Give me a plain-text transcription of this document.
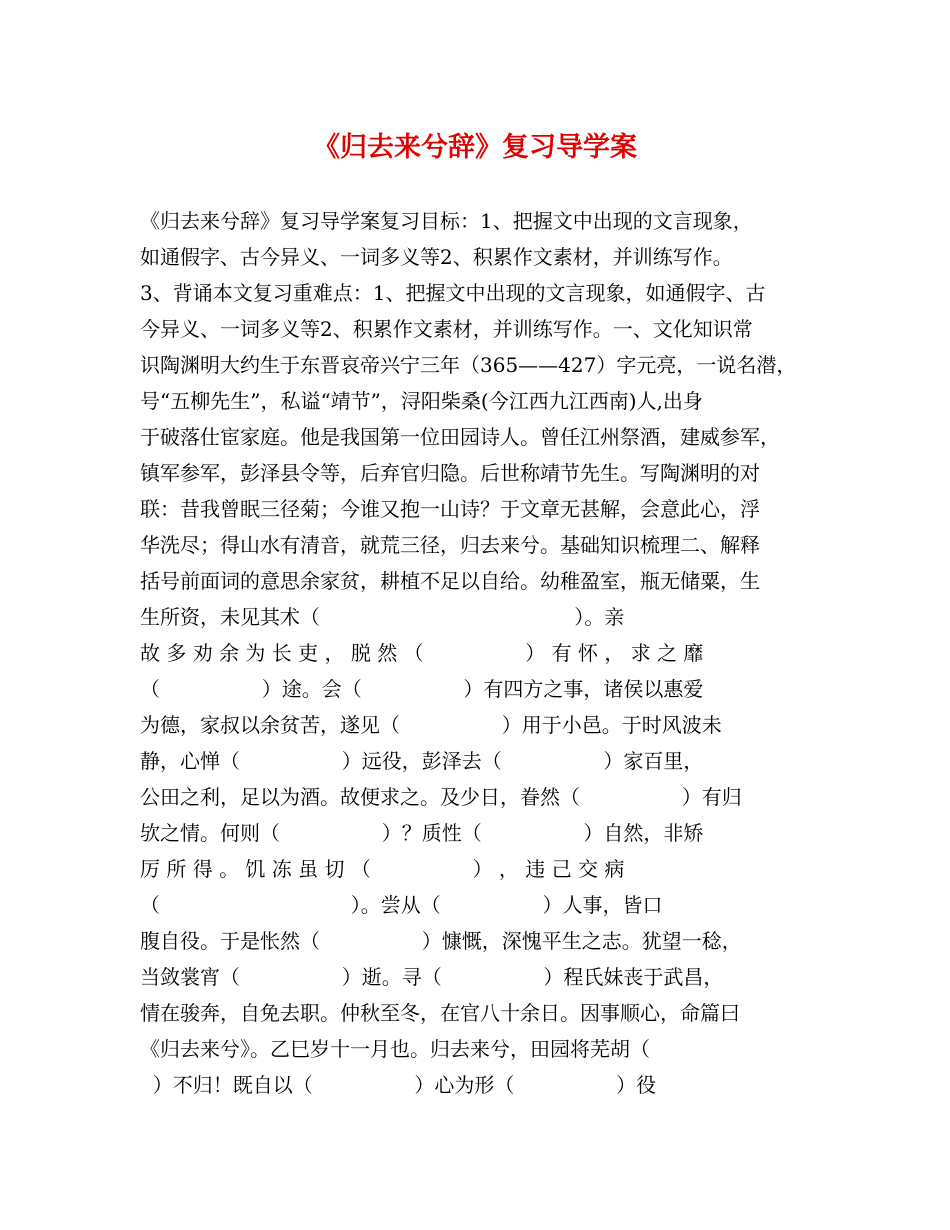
《归去来兮辞》复习导学案
《归去来兮辞》复习导学案复习目标：1、把握文中出现的文言现象，
如通假字、古今异义、一词多义等2、积累作文素材，并训练写作。
3、背诵本文复习重难点：1、把握文中出现的文言现象，如通假字、古
今异义、一词多义等2、积累作文素材，并训练写作。一、文化知识常
识陶渊明大约生于东晋哀帝兴宁三年（365——427）字元亮，一说名潜，
号“五柳先生”，私谥“靖节”，浔阳柴桑(今江西九江西南)人,出身
于破落仕宦家庭。他是我国第一位田园诗人。曾任江州祭酒，建威参军，
镇军参军，彭泽县令等，后弃官归隐。后世称靖节先生。写陶渊明的对
联：昔我曾眠三径菊；今谁又抱一山诗？于文章无甚解，会意此心，浮
华洗尽；得山水有清音，就荒三径，归去来兮。基础知识梳理二、解释
括号前面词的意思余家贫，耕植不足以自给。幼稚盈室，瓶无储粟，生
生所资，未见其术（                                        ）。亲
故 多 劝 余 为 长 吏 ， 脱 然 （                ） 有 怀 ， 求 之 靡
（                ）途。会（                ）有四方之事，诸侯以惠爱
为德，家叔以余贫苦，遂见（                ）用于小邑。于时风波未
静，心惮（                ）远役，彭泽去（                ）家百里，
公田之利，足以为酒。故便求之。及少日，眷然（                ）有归
欤之情。何则（                ）？质性（                ）自然，非矫
厉 所 得 。 饥 冻 虽 切 （                ） ， 违 己 交 病
（                              ）。尝从（                ）人事，皆口
腹自役。于是怅然（                ）慷慨，深愧平生之志。犹望一稔，
当敛裳宵（                ）逝。寻（                ）程氏妹丧于武昌，
情在骏奔，自免去职。仲秋至冬，在官八十余日。因事顺心，命篇曰
《归去来兮》。乙巳岁十一月也。归去来兮，田园将芜胡（
）不归！既自以（                ）心为形（                ）役
